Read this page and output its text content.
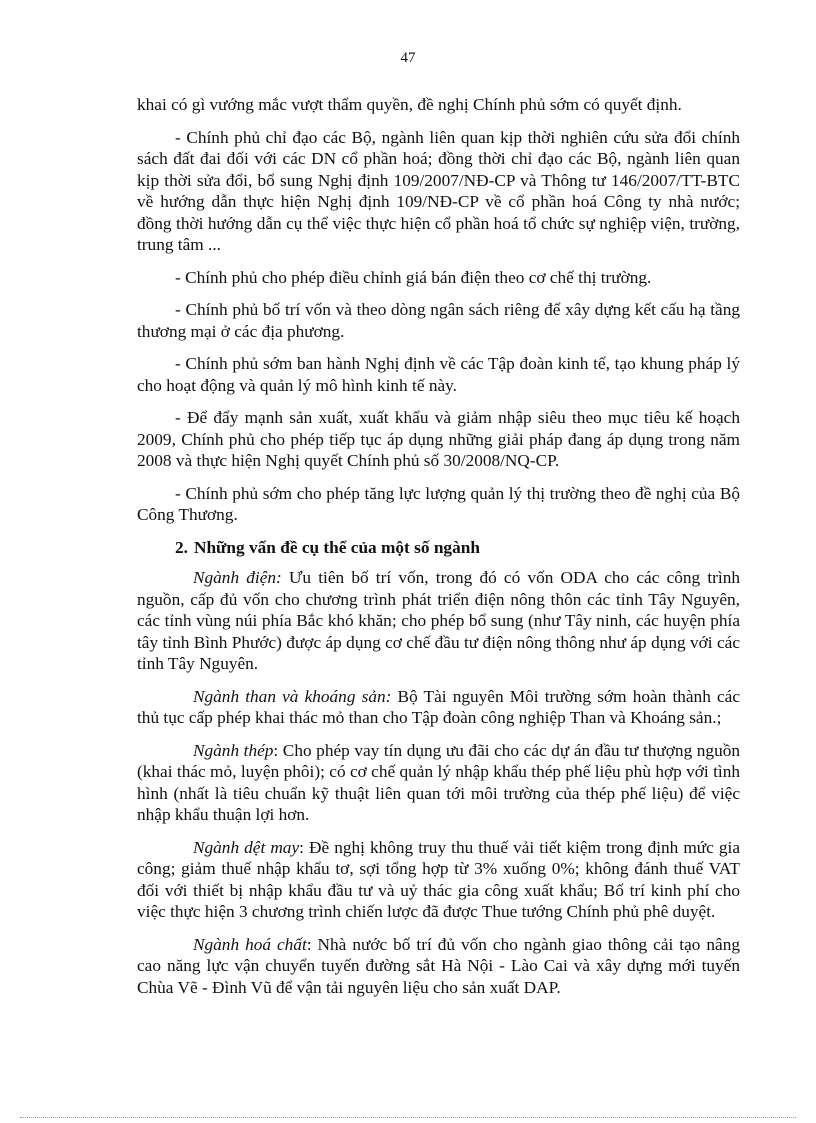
47

khai có gì vướng mắc vượt thẩm quyền, đề nghị Chính phủ sớm có quyết định.

- Chính phủ chỉ đạo các Bộ, ngành liên quan kịp thời nghiên cứu sửa đổi chính sách đất đai đối với các DN cổ phần hoá; đồng thời chỉ đạo các Bộ, ngành liên quan kịp thời sửa đổi, bổ sung Nghị định 109/2007/NĐ-CP và Thông tư 146/2007/TT-BTC về hướng dẫn thực hiện Nghị định 109/NĐ-CP về cổ phần hoá Công ty nhà nước; đồng thời hướng dẫn cụ thể việc thực hiện cổ phần hoá tổ chức sự nghiệp viện, trường, trung tâm ...

- Chính phủ cho phép điều chỉnh giá bán điện theo cơ chế thị trường.

- Chính phủ bố trí vốn và theo dòng ngân sách riêng để xây dựng kết cấu hạ tầng thương mại ở các địa phương.

- Chính phủ sớm ban hành Nghị định về các Tập đoàn kinh tế, tạo khung pháp lý cho hoạt động và quản lý mô hình kinh tế này.

- Để đẩy mạnh sản xuất, xuất khẩu và giảm nhập siêu theo mục tiêu kế hoạch 2009, Chính phủ cho phép tiếp tục áp dụng những giải pháp đang áp dụng trong năm 2008 và thực hiện Nghị quyết Chính phủ số 30/2008/NQ-CP.

- Chính phủ sớm cho phép tăng lực lượng quản lý thị trường theo đề nghị của Bộ Công Thương.

2. Những vấn đề cụ thể của một số ngành

Ngành điện: Ưu tiên bố trí vốn, trong đó có vốn ODA cho các công trình nguồn, cấp đủ vốn cho chương trình phát triển điện nông thôn các tỉnh Tây Nguyên, các tỉnh vùng núi phía Bắc khó khăn; cho phép bổ sung (như Tây ninh, các huyện phía tây tỉnh Bình Phước) được áp dụng cơ chế đầu tư điện nông thông như áp dụng với các tỉnh Tây Nguyên.

Ngành than và khoáng sản: Bộ Tài nguyên Môi trường sớm hoàn thành các thủ tục cấp phép khai thác mỏ than cho Tập đoàn công nghiệp Than và Khoáng sản.;

Ngành thép: Cho phép vay tín dụng ưu đãi cho các dự án đầu tư thượng nguồn (khai thác mỏ, luyện phôi); có cơ chế quản lý nhập khẩu thép phế liệu phù hợp với tình hình (nhất là tiêu chuẩn kỹ thuật liên quan tới môi trường của thép phế liệu) để việc nhập khẩu thuận lợi hơn.

Ngành dệt may: Đề nghị không truy thu thuế vải tiết kiệm trong định mức gia công; giảm thuế nhập khẩu tơ, sợi tổng hợp từ 3% xuống 0%; không đánh thuế VAT đối với thiết bị nhập khẩu đầu tư và uỷ thác gia công xuất khẩu; Bố trí kinh phí cho việc thực hiện 3 chương trình chiến lược đã được Thue tướng Chính phủ phê duyệt.

Ngành hoá chất: Nhà nước bố trí đủ vốn cho ngành giao thông cải tạo nâng cao năng lực vận chuyển tuyến đường sắt Hà Nội - Lào Cai và xây dựng mới tuyến Chùa Vẽ - Đình Vũ để vận tải nguyên liệu cho sản xuất DAP.
